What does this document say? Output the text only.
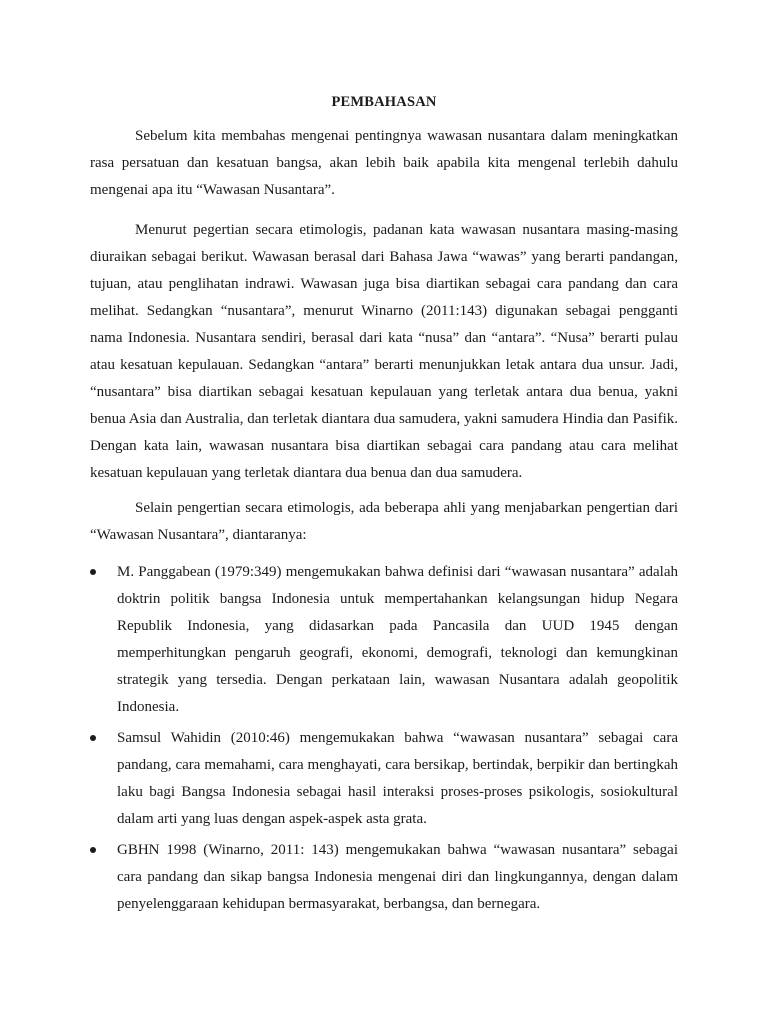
PEMBAHASAN

Sebelum kita membahas mengenai pentingnya wawasan nusantara dalam meningkatkan rasa persatuan dan kesatuan bangsa, akan lebih baik apabila kita mengenal terlebih dahulu mengenai apa itu “Wawasan Nusantara”.

Menurut pegertian secara etimologis, padanan kata wawasan nusantara masing-masing diuraikan sebagai berikut. Wawasan berasal dari Bahasa Jawa “wawas” yang berarti pandangan, tujuan, atau penglihatan indrawi. Wawasan juga bisa diartikan sebagai cara pandang dan cara melihat. Sedangkan “nusantara”, menurut Winarno (2011:143) digunakan sebagai pengganti nama Indonesia. Nusantara sendiri, berasal dari kata “nusa” dan “antara”. “Nusa” berarti pulau atau kesatuan kepulauan. Sedangkan “antara” berarti menunjukkan letak antara dua unsur. Jadi, “nusantara” bisa diartikan sebagai kesatuan kepulauan yang terletak antara dua benua, yakni benua Asia dan Australia, dan terletak diantara dua samudera, yakni samudera Hindia dan Pasifik. Dengan kata lain, wawasan nusantara bisa diartikan sebagai cara pandang atau cara melihat kesatuan kepulauan yang terletak diantara dua benua dan dua samudera.

Selain pengertian secara etimologis, ada beberapa ahli yang menjabarkan pengertian dari “Wawasan Nusantara”, diantaranya:

M. Panggabean (1979:349) mengemukakan bahwa definisi dari “wawasan nusantara” adalah doktrin politik bangsa Indonesia untuk mempertahankan kelangsungan hidup Negara Republik Indonesia, yang didasarkan pada Pancasila dan UUD 1945 dengan memperhitungkan pengaruh geografi, ekonomi, demografi, teknologi dan kemungkinan strategik yang tersedia. Dengan perkataan lain, wawasan Nusantara adalah geopolitik Indonesia.
Samsul Wahidin (2010:46) mengemukakan bahwa “wawasan nusantara” sebagai cara pandang, cara memahami, cara menghayati, cara bersikap, bertindak, berpikir dan bertingkah laku bagi Bangsa Indonesia sebagai hasil interaksi proses-proses psikologis, sosiokultural dalam arti yang luas dengan aspek-aspek asta grata.
GBHN 1998 (Winarno, 2011: 143) mengemukakan bahwa “wawasan nusantara” sebagai cara pandang dan sikap bangsa Indonesia mengenai diri dan lingkungannya, dengan dalam penyelenggaraan kehidupan bermasyarakat, berbangsa, dan bernegara.
